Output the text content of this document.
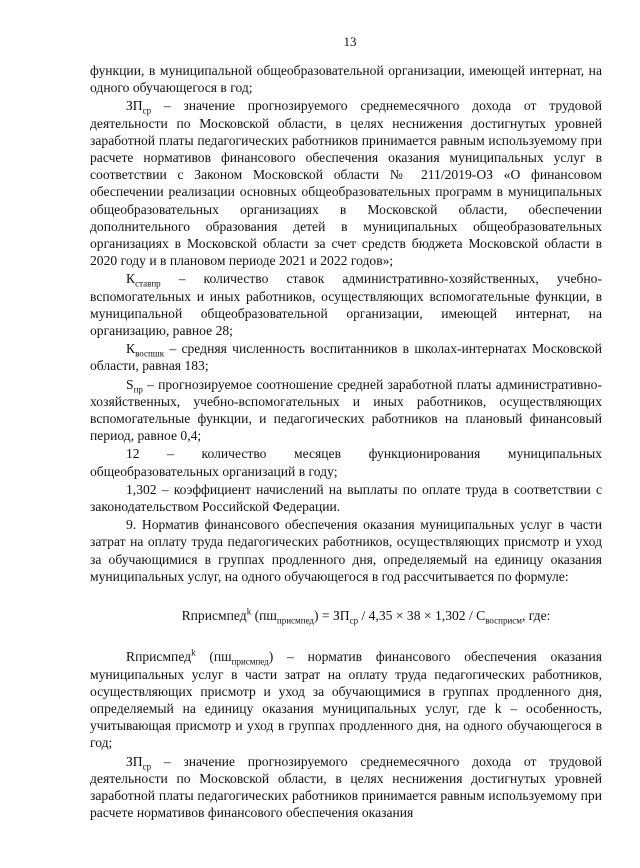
13

функции, в муниципальной общеобразовательной организации, имеющей интернат, на одного обучающегося в год;

$ЗП_{ср}$ – значение прогнозируемого среднемесячного дохода от трудовой деятельности по Московской области, в целях неснижения достигнутых уровней заработной платы педагогических работников принимается равным используемому при расчете нормативов финансового обеспечения оказания муниципальных услуг в соответствии с Законом Московской области № 211/2019-ОЗ «О финансовом обеспечении реализации основных общеобразовательных программ в муниципальных общеобразовательных организациях в Московской области, обеспечении дополнительного образования детей в муниципальных общеобразовательных организациях в Московской области за счет средств бюджета Московской области в 2020 году и в плановом периоде 2021 и 2022 годов»;

$К_{ставпр}$ – количество ставок административно-хозяйственных, учебно-вспомогательных и иных работников, осуществляющих вспомогательные функции, в муниципальной общеобразовательной организации, имеющей интернат, на организацию, равное 28;

$К_{воспшк}$ – средняя численность воспитанников в школах-интернатах Московской области, равная 183;

$S_{пр}$ – прогнозируемое соотношение средней заработной платы административно-хозяйственных, учебно-вспомогательных и иных работников, осуществляющих вспомогательные функции, и педагогических работников на плановый финансовый период, равное 0,4;

12 – количество месяцев функционирования муниципальных общеобразовательных организаций в году;

1,302 – коэффициент начислений на выплаты по оплате труда в соответствии с законодательством Российской Федерации.

9. Норматив финансового обеспечения оказания муниципальных услуг в части затрат на оплату труда педагогических работников, осуществляющих присмотр и уход за обучающимися в группах продленного дня, определяемый на единицу оказания муниципальных услуг, на одного обучающегося в год рассчитывается по формуле:

Rприсмпед$^k$ $(пш_{присмпед}) = ЗП_{ср} / 4,35 \times 38 \times 1,302 / С_{восприсм}$, где:

Rприсмпед$^k$ $(пш_{присмпед})$ – норматив финансового обеспечения оказания муниципальных услуг в части затрат на оплату труда педагогических работников, осуществляющих присмотр и уход за обучающимися в группах продленного дня, определяемый на единицу оказания муниципальных услуг, где k – особенность, учитывающая присмотр и уход в группах продленного дня, на одного обучающегося в год;

$ЗП_{ср}$ – значение прогнозируемого среднемесячного дохода от трудовой деятельности по Московской области, в целях неснижения достигнутых уровней заработной платы педагогических работников принимается равным используемому при расчете нормативов финансового обеспечения оказания
